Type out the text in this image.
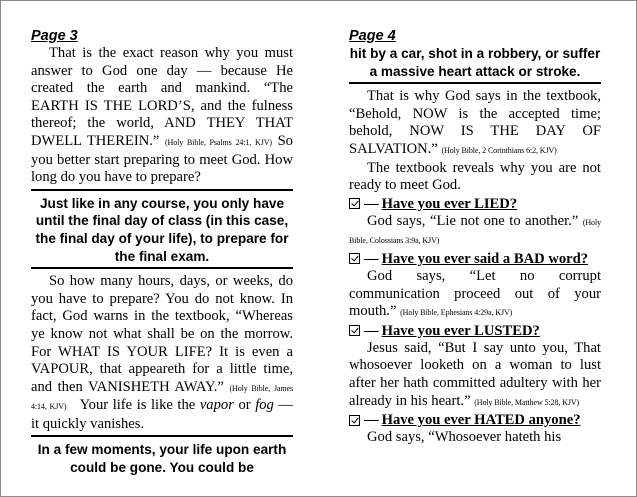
Page 3

That is the exact reason why you must answer to God one day — because He created the earth and mankind. “The EARTH IS THE LORD’S, and the fulness thereof; the world, AND THEY THAT DWELL THEREIN.” (Holy Bible, Psalms 24:1, KJV) So you better start preparing to meet God. How long do you have to prepare?

Just like in any course, you only have until the final day of class (in this case, the final day of your life), to prepare for the final exam.

So how many hours, days, or weeks, do you have to prepare? You do not know. In fact, God warns in the textbook, “Whereas ye know not what shall be on the morrow. For WHAT IS YOUR LIFE? It is even a VAPOUR, that appeareth for a little time, and then VANISHETH AWAY.” (Holy Bible, James 4:14, KJV) Your life is like the vapor or fog — it quickly vanishes.

In a few moments, your life upon earth could be gone. You could be

Page 4

hit by a car, shot in a robbery, or suffer a massive heart attack or stroke.

That is why God says in the textbook, “Behold, NOW is the accepted time; behold, NOW IS THE DAY OF SALVATION.” (Holy Bible, 2 Corinthians 6:2, KJV)

The textbook reveals why you are not ready to meet God.

— Have you ever LIED?

God says, “Lie not one to another.” (Holy Bible, Colossians 3:9a, KJV)

— Have you ever said a BAD word?

God says, “Let no corrupt communication proceed out of your mouth.” (Holy Bible, Ephesians 4:29a, KJV)

— Have you ever LUSTED?

Jesus said, “But I say unto you, That whosoever looketh on a woman to lust after her hath committed adultery with her already in his heart.” (Holy Bible, Matthew 5:28, KJV)

— Have you ever HATED anyone?

God says, “Whosoever hateth his
